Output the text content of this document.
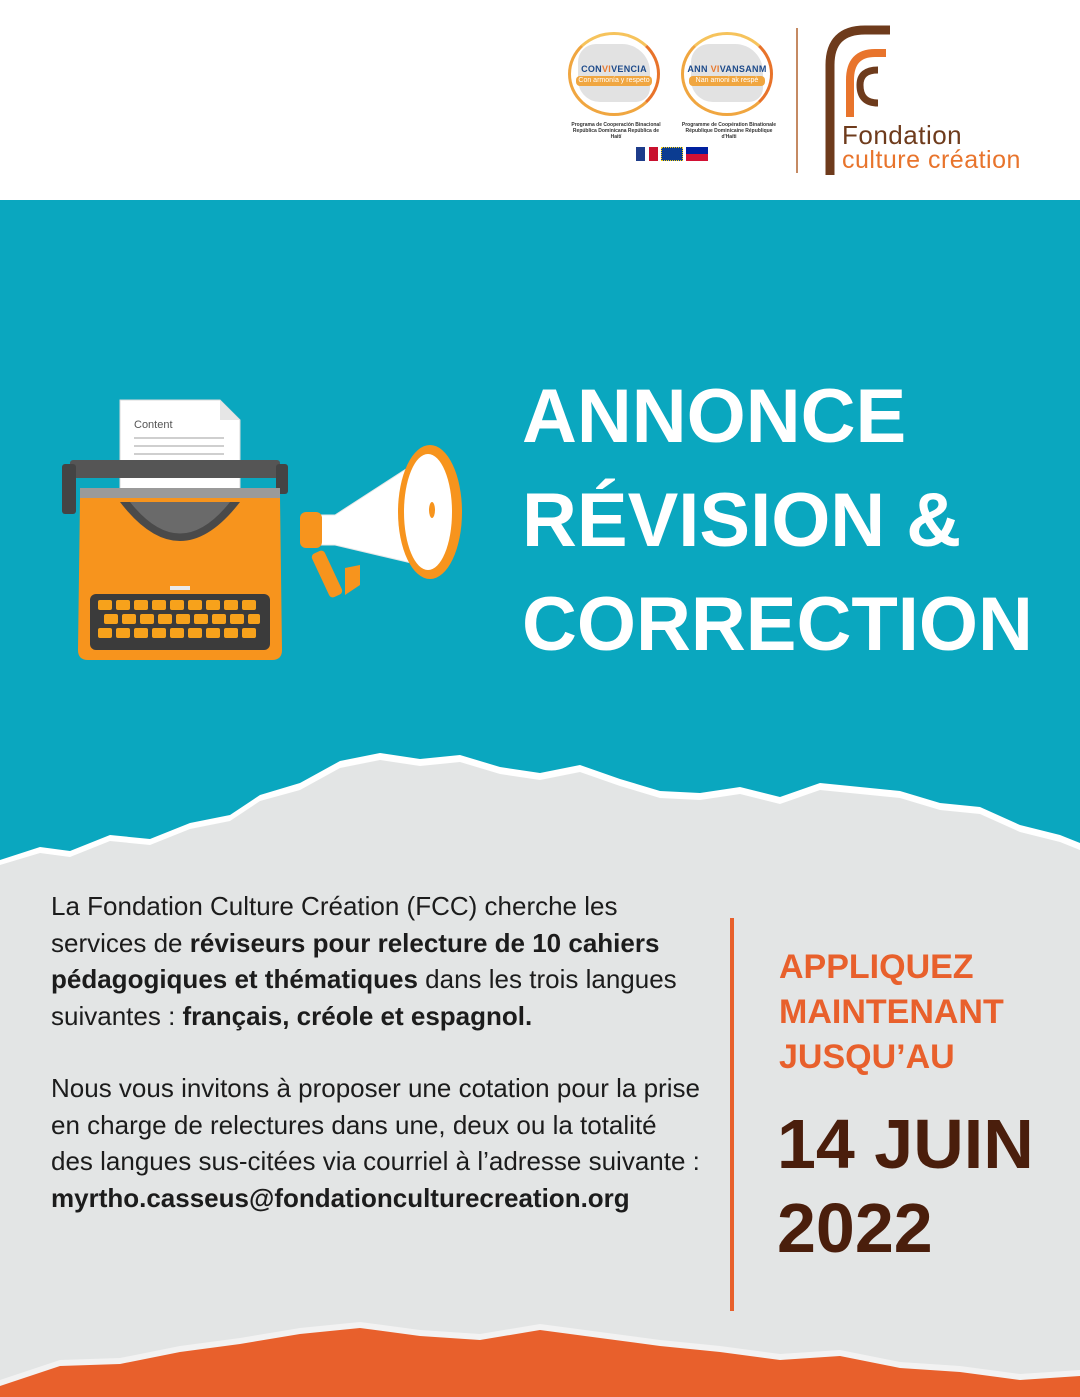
CONVIVENCIA
Con armonía y respeto
Programa de Cooperación Binacional República Dominicana República de Haití
ANN VIVANSANM
Nan amoni ak respè
Programme de Coopération Binationale République Dominicaine République d'Haïti	Fondation
culture création
Content	ANNONCE
RÉVISION &
CORRECTION

La Fondation Culture Création (FCC) cherche les services de réviseurs pour relecture de 10 cahiers pédagogiques et thématiques dans les trois langues suivantes : français, créole et espagnol.

Nous vous invitons à proposer une cotation pour la prise en charge de relectures dans une, deux ou la totalité des langues sus-citées via courriel à l’adresse suivante :
myrtho.casseus@fondationculturecreation.org

APPLIQUEZ
MAINTENANT
JUSQU’AU
14 JUIN
2022
